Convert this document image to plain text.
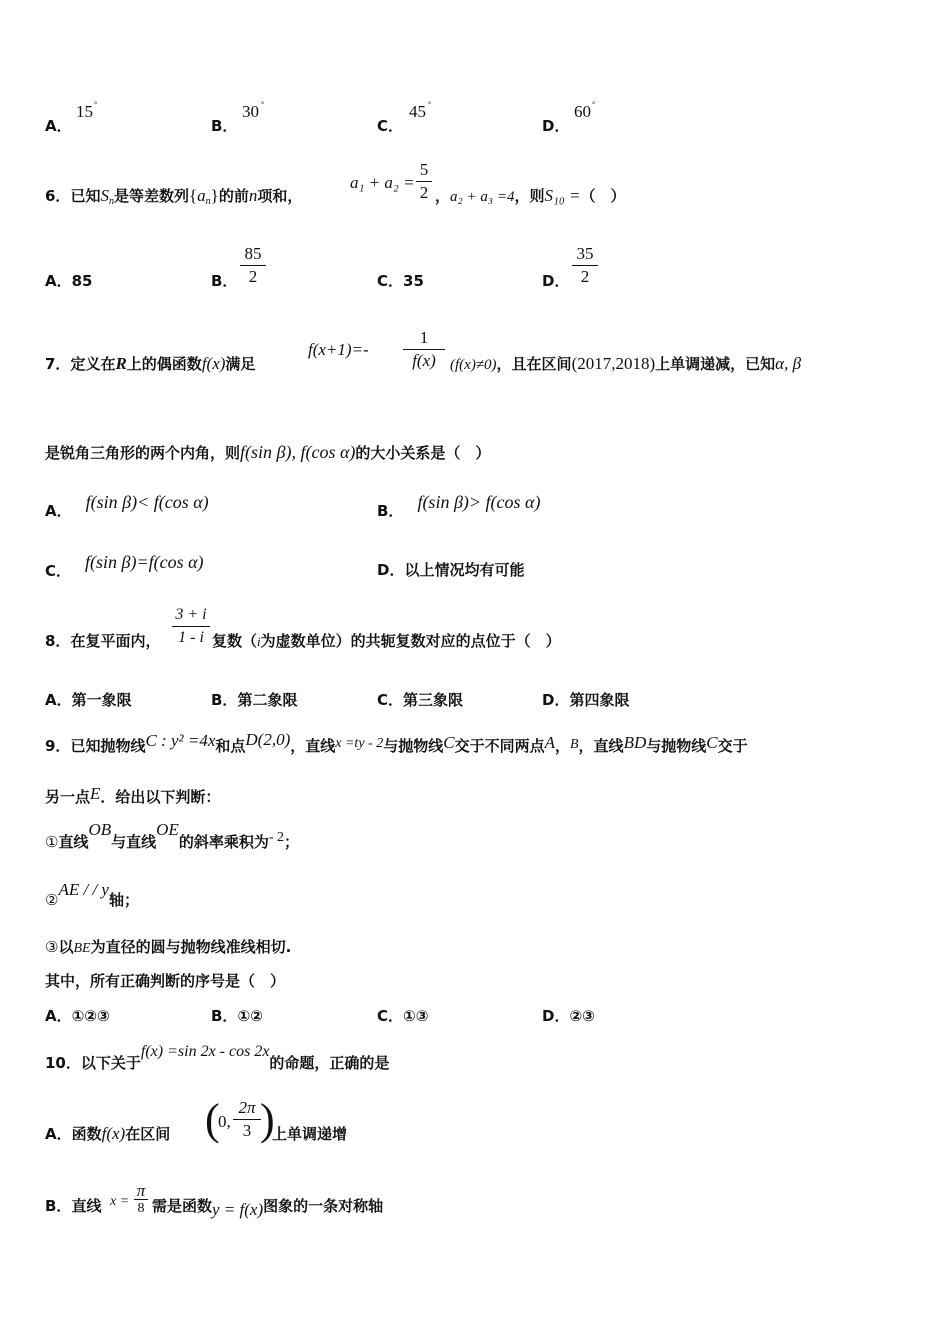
A．
15 °
B．
30 °
C．
45 °
D．
60 °
6．已知$S_n$是等差数列$\{a_n\}$的前n项和，
a₁ + a₂ =
5
2 ，a₂ + a₃ =4，则S₁₀ =（　）
A．85	B．
85
2	C．35	D．
35
2
7．定义在R上的偶函数f(x)满足
f(x+1)=-
1
f(x) (f(x)≠0)，且在区间(2017,2018)上单调递减，已知α, β
是锐角三角形的两个内角，则f(sin β), f(cos α)的大小关系是（　）
A． f(sin β)< f(cos α)	B． f(sin β)> f(cos α)
C． f(sin β)=f(cos α)	D．以上情况均有可能
8．在复平面内，
3 + i
1 - i 复数（i为虚数单位）的共轭复数对应的点位于（　）
A．第一象限	B．第二象限	C．第三象限	D．第四象限
9．已知抛物线C : y² =4x和点D(2,0)，直线x =ty - 2与抛物线C交于不同两点A，B，直线BD与抛物线C交于
另一点E．给出以下判断：
①直线OB与直线OE的斜率乘积为- 2；
②AE / / y轴；
③以BE为直径的圆与抛物线准线相切.
其中，所有正确判断的序号是（　）
A．①②③	B．①②	C．①③	D．②③
10．以下关于f(x) =sin 2x - cos 2x的命题，正确的是
A．函数f(x)在区间 (
0,
2π
3 )
上单调递增
B．直线 x =
π
8 需是函数y = f(x)图象的一条对称轴
